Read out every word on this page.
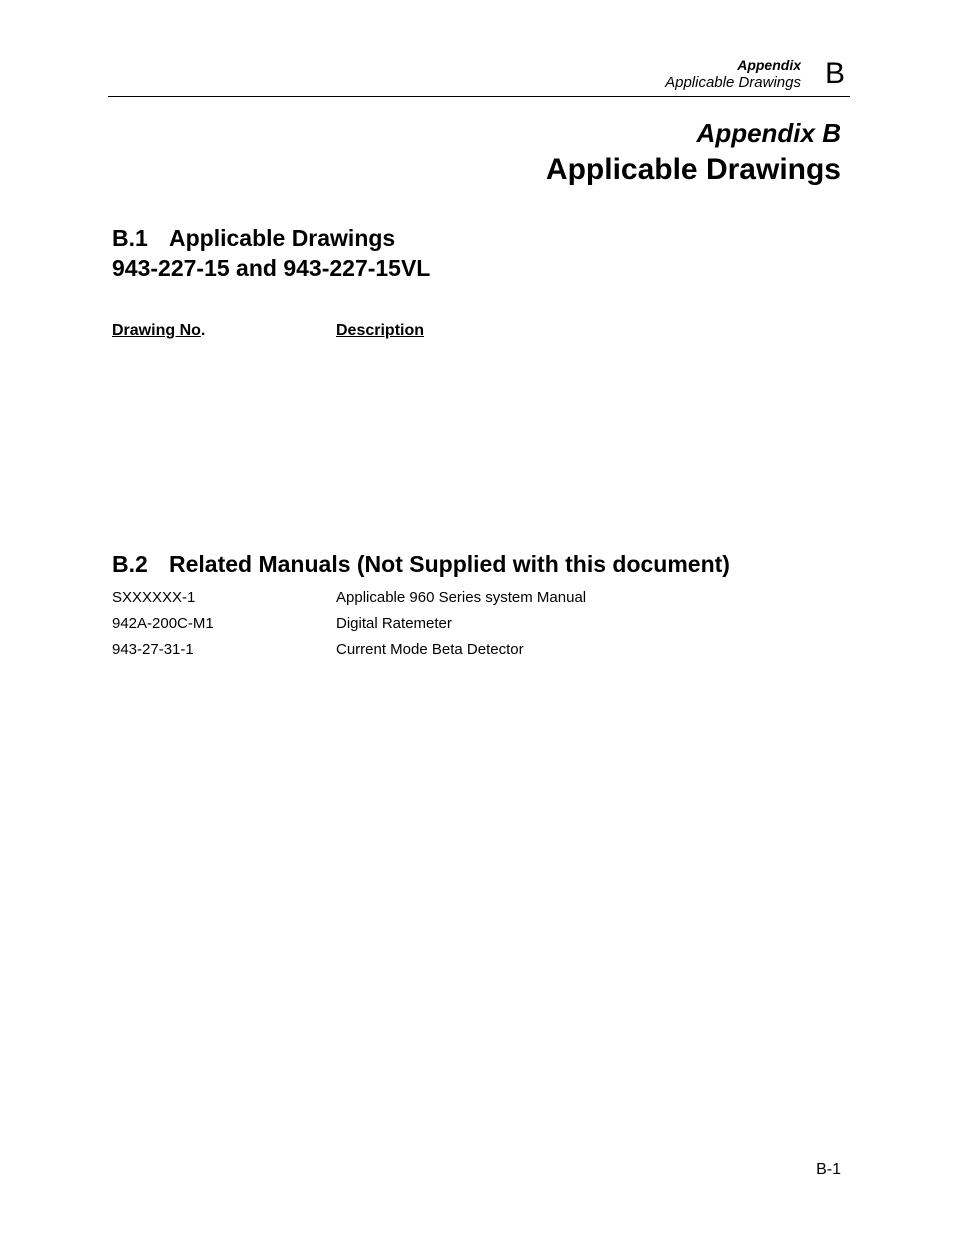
Appendix
Applicable Drawings B
Appendix B
Applicable Drawings
B.1 Applicable Drawings
943-227-15 and 943-227-15VL
Drawing No.	Description
B.2 Related Manuals (Not Supplied with this document)
SXXXXXX-1	Applicable 960 Series system Manual
942A-200C-M1	Digital Ratemeter
943-27-31-1	Current Mode Beta Detector
B-1
